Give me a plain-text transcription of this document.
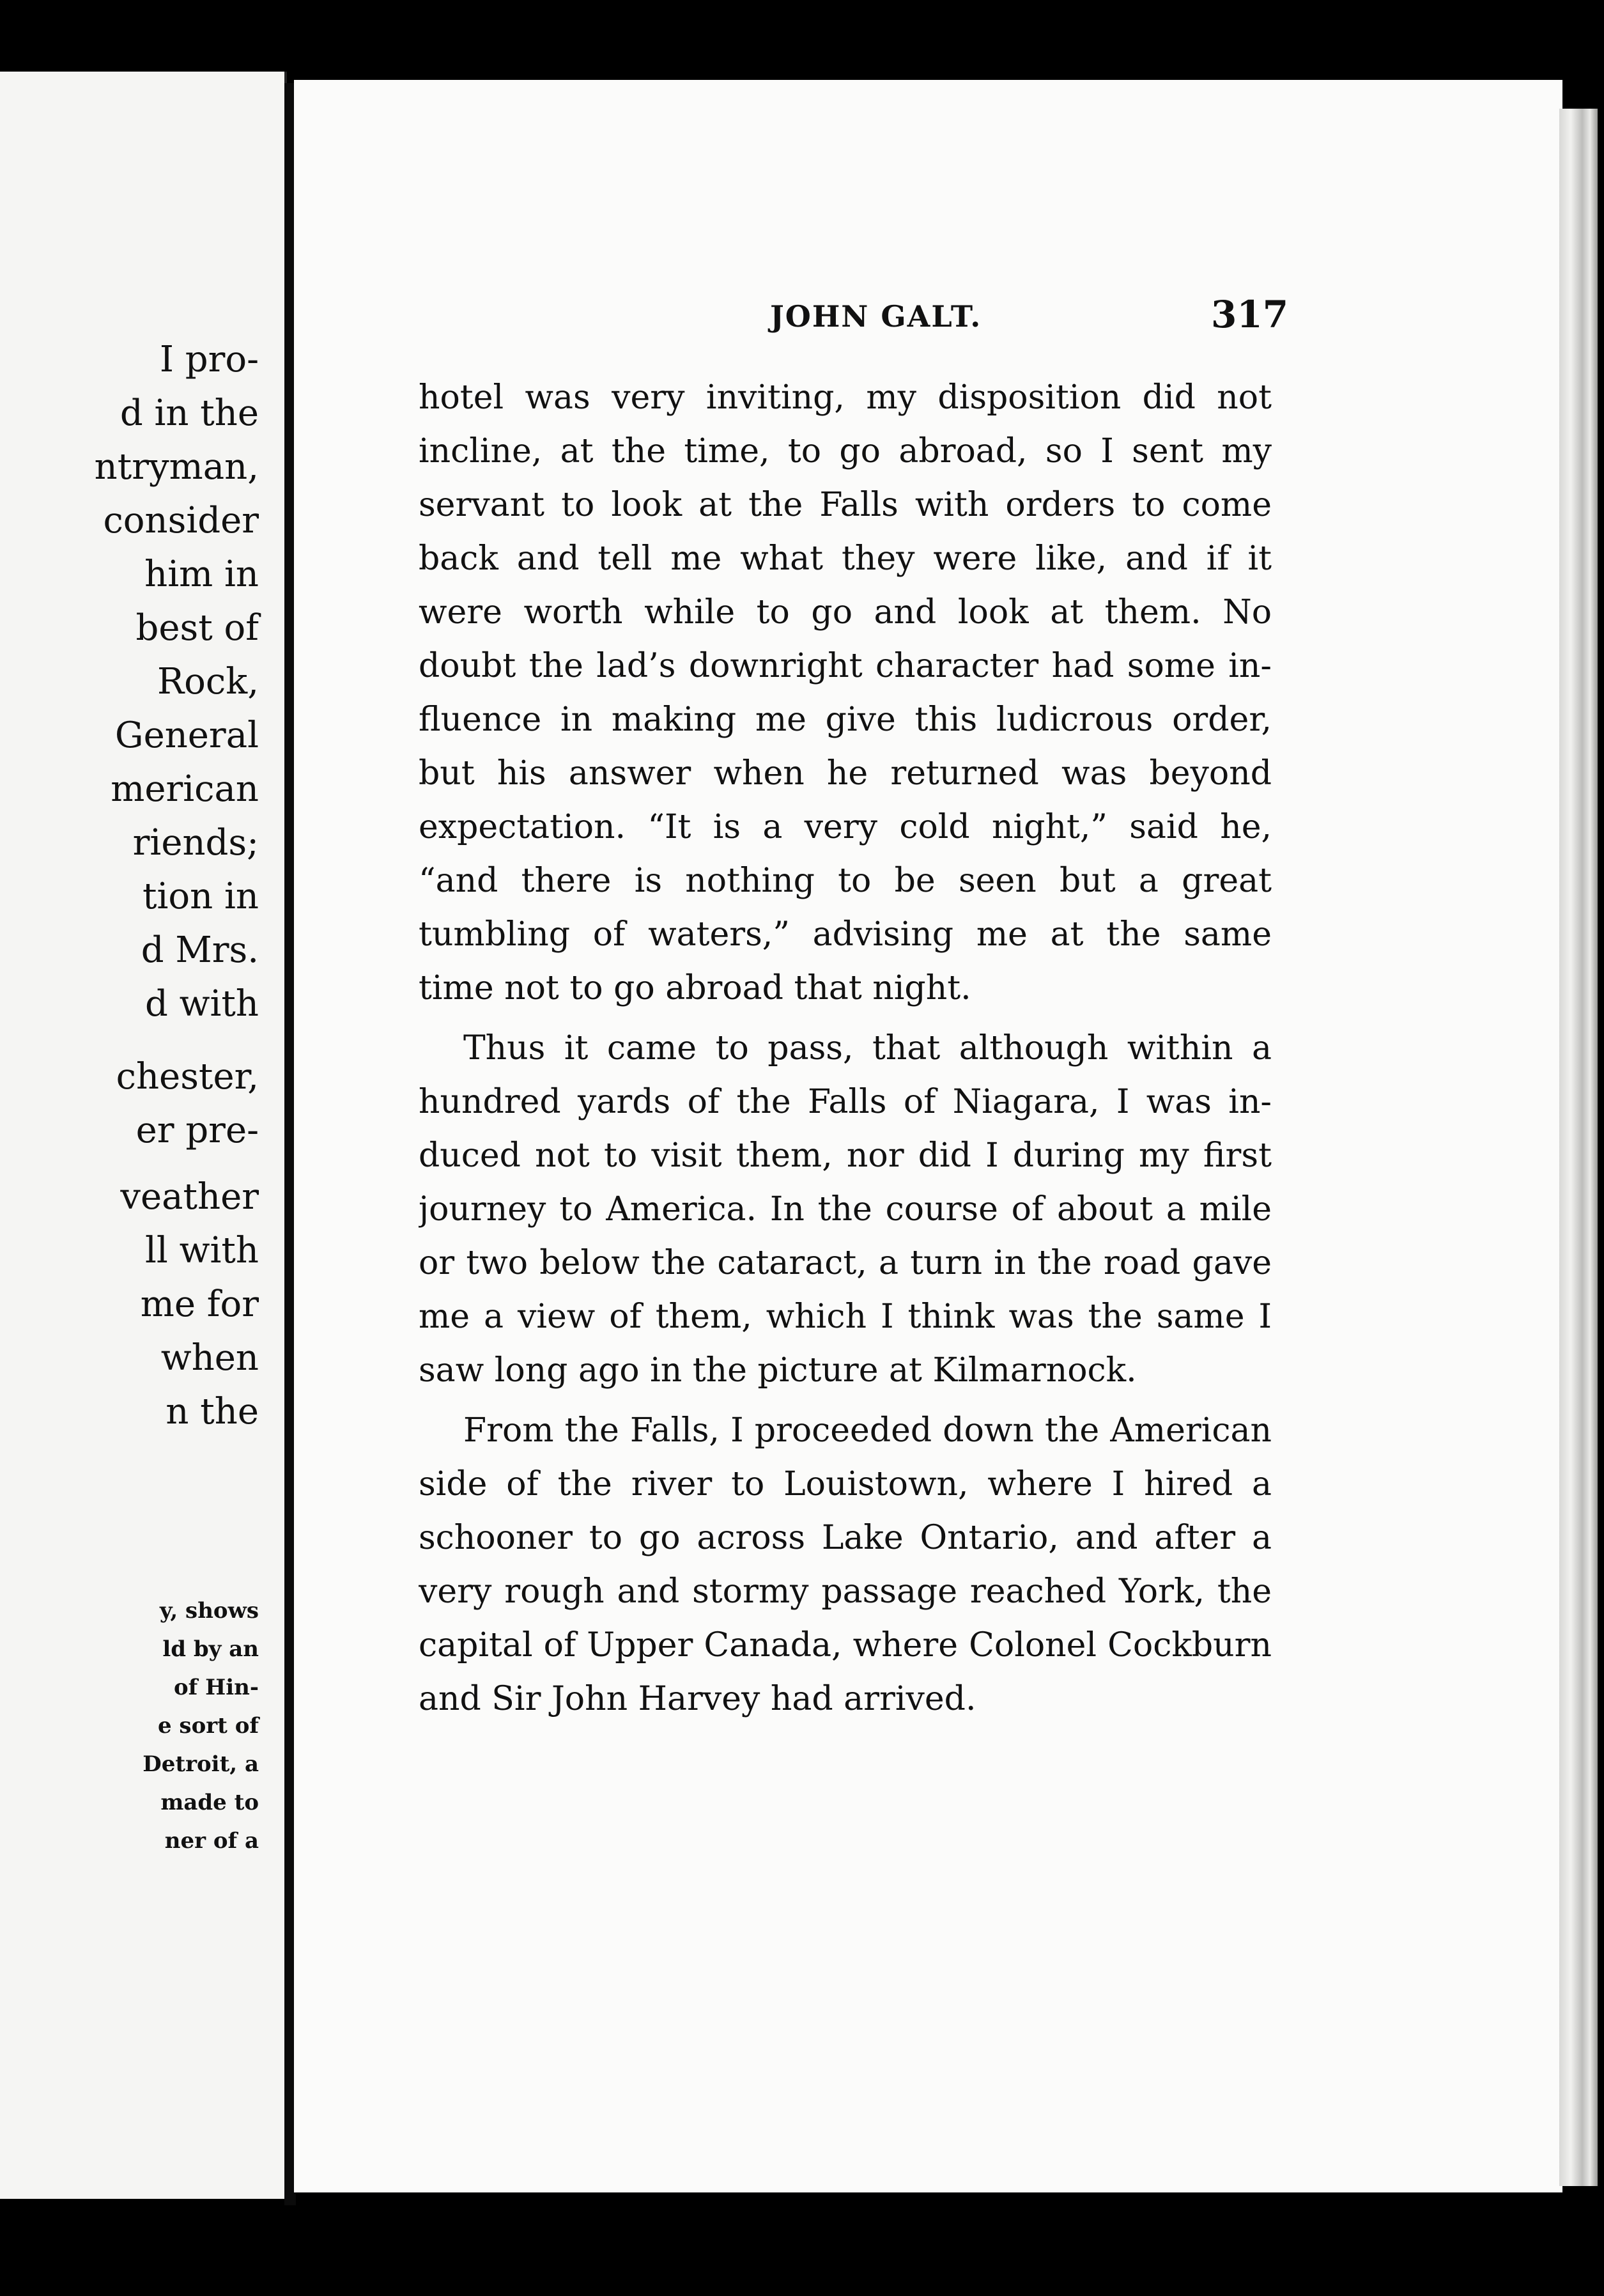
I pro-
d in the
ntryman,
consider
him in
best of
Rock,
General
merican
riends;
tion in
d Mrs.
d with
chester,
er pre-
veather
ll with
me for
when
n the
y, shows
ld by an
of Hin-
e sort of
Detroit, a
made to
ner of a
JOHN GALT.	317
hotel was very inviting, my disposition did not
incline, at the time, to go abroad, so I sent my
servant to look at the Falls with orders to come
back and tell me what they were like, and if it
were worth while to go and look at them. No
doubt the lad’s downright character had some in-
fluence in making me give this ludicrous order,
but his answer when he returned was beyond
expectation. “It is a very cold night,” said he,
“and there is nothing to be seen but a great
tumbling of waters,” advising me at the same
time not to go abroad that night.
Thus it came to pass, that although within a
hundred yards of the Falls of Niagara, I was in-
duced not to visit them, nor did I during my first
journey to America. In the course of about a mile
or two below the cataract, a turn in the road gave
me a view of them, which I think was the same I
saw long ago in the picture at Kilmarnock.
From the Falls, I proceeded down the American
side of the river to Louistown, where I hired a
schooner to go across Lake Ontario, and after a
very rough and stormy passage reached York, the
capital of Upper Canada, where Colonel Cockburn
and Sir John Harvey had arrived.
